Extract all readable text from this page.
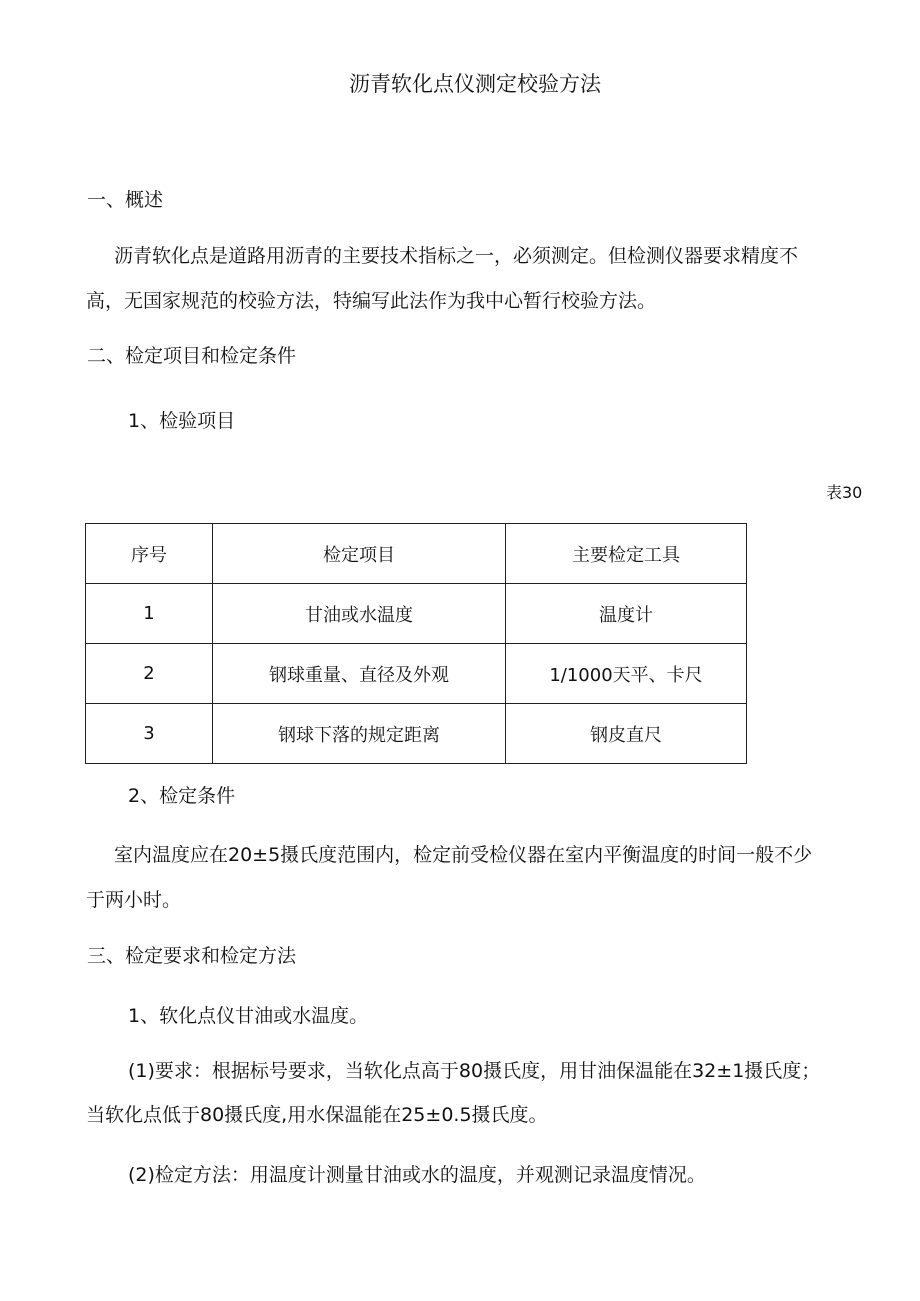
沥青软化点仪测定校验方法
一、概述
沥青软化点是道路用沥青的主要技术指标之一，必须测定。但检测仪器要求精度不
高，无国家规范的校验方法，特编写此法作为我中心暂行校验方法。
二、检定项目和检定条件
1、检验项目
表30
序号	检定项目	主要检定工具
1	甘油或水温度	温度计
2	钢球重量、直径及外观	1/1000天平、卡尺
3	钢球下落的规定距离	钢皮直尺
2、检定条件
室内温度应在20±5摄氏度范围内，检定前受检仪器在室内平衡温度的时间一般不少
于两小时。
三、检定要求和检定方法
1、软化点仪甘油或水温度。
(1)要求：根据标号要求，当软化点高于80摄氏度，用甘油保温能在32±1摄氏度；
当软化点低于80摄氏度,用水保温能在25±0.5摄氏度。
(2)检定方法：用温度计测量甘油或水的温度，并观测记录温度情况。
